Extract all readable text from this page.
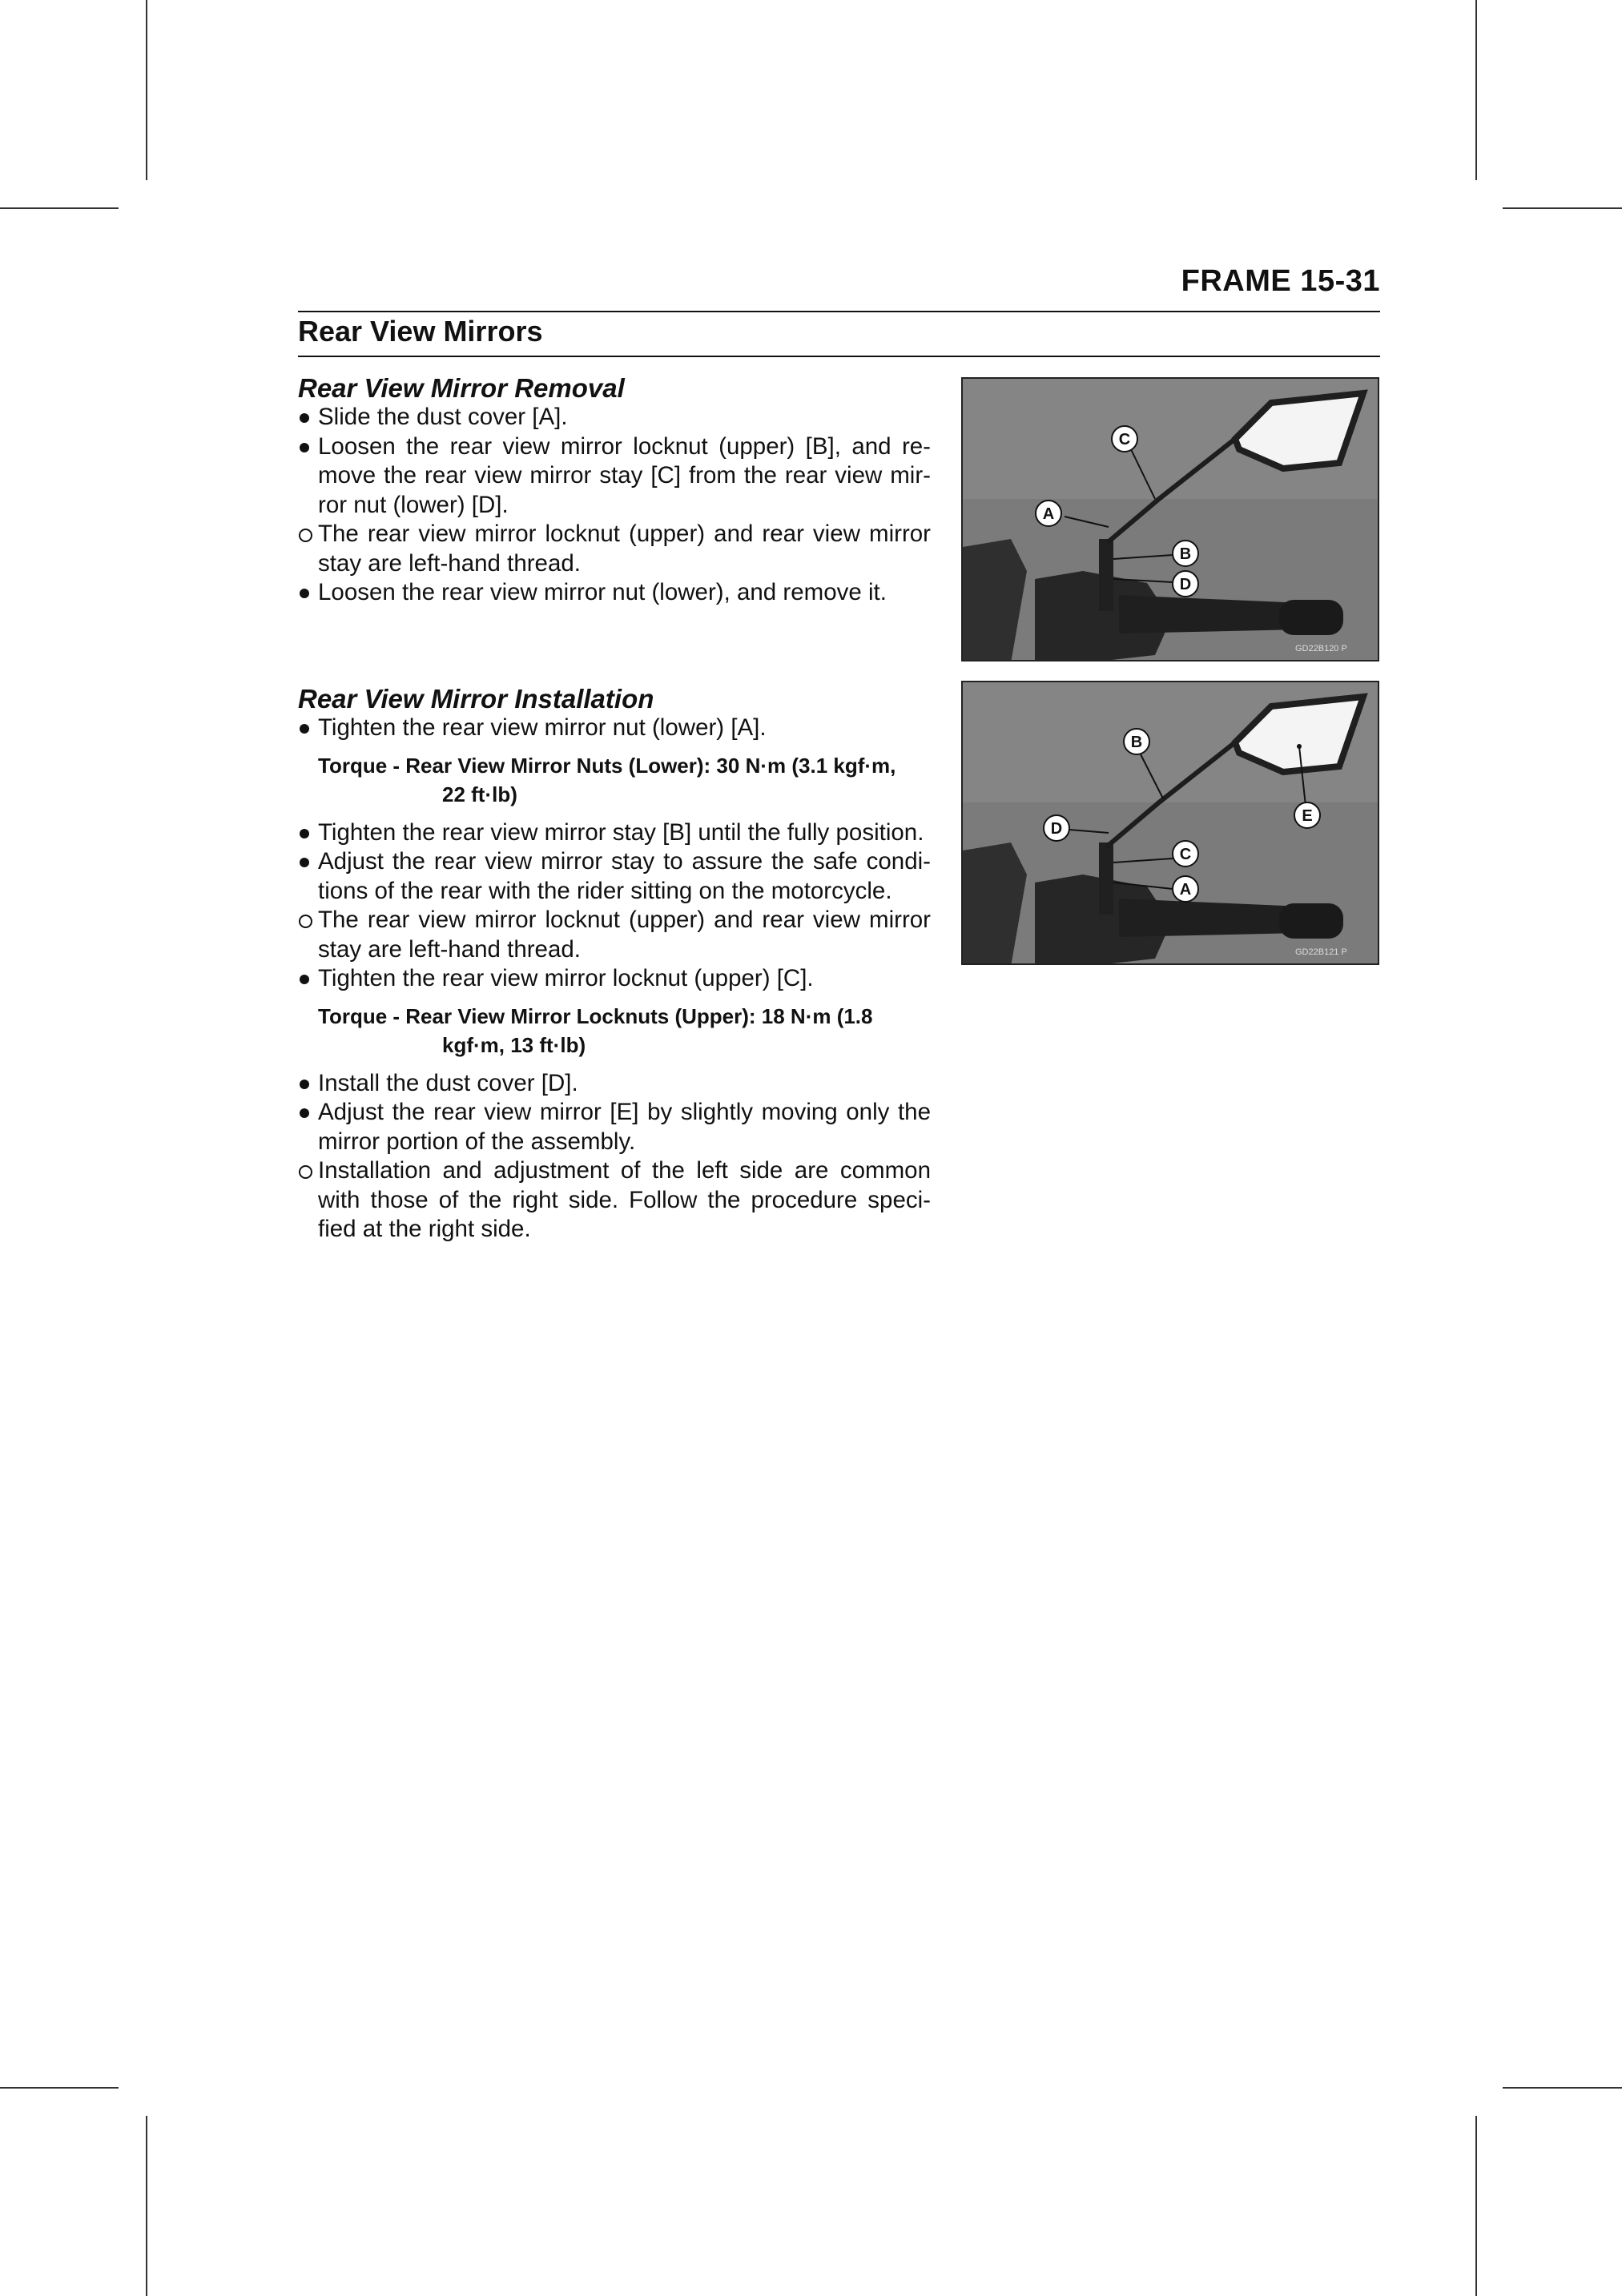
FRAME 15-31
Rear View Mirrors
Rear View Mirror Removal
Slide the dust cover [A].
Loosen the rear view mirror locknut (upper) [B], and re-move the rear view mirror stay [C] from the rear view mir-ror nut (lower) [D].
The rear view mirror locknut (upper) and rear view mirror stay are left-hand thread.
Loosen the rear view mirror nut (lower), and remove it.
GD22B120 P
A
B
C
D
Rear View Mirror Installation
Tighten the rear view mirror nut (lower) [A].
Torque - Rear View Mirror Nuts (Lower): 30 N·m (3.1 kgf·m,
22 ft·lb)
Tighten the rear view mirror stay [B] until the fully position.
Adjust the rear view mirror stay to assure the safe condi-tions of the rear with the rider sitting on the motorcycle.
The rear view mirror locknut (upper) and rear view mirror stay are left-hand thread.
Tighten the rear view mirror locknut (upper) [C].
Torque - Rear View Mirror Locknuts (Upper): 18 N·m (1.8
kgf·m, 13 ft·lb)
Install the dust cover [D].
Adjust the rear view mirror [E] by slightly moving only the mirror portion of the assembly.
Installation and adjustment of the left side are common with those of the right side. Follow the procedure speci-fied at the right side.
GD22B121 P
A
B
C
D
E
